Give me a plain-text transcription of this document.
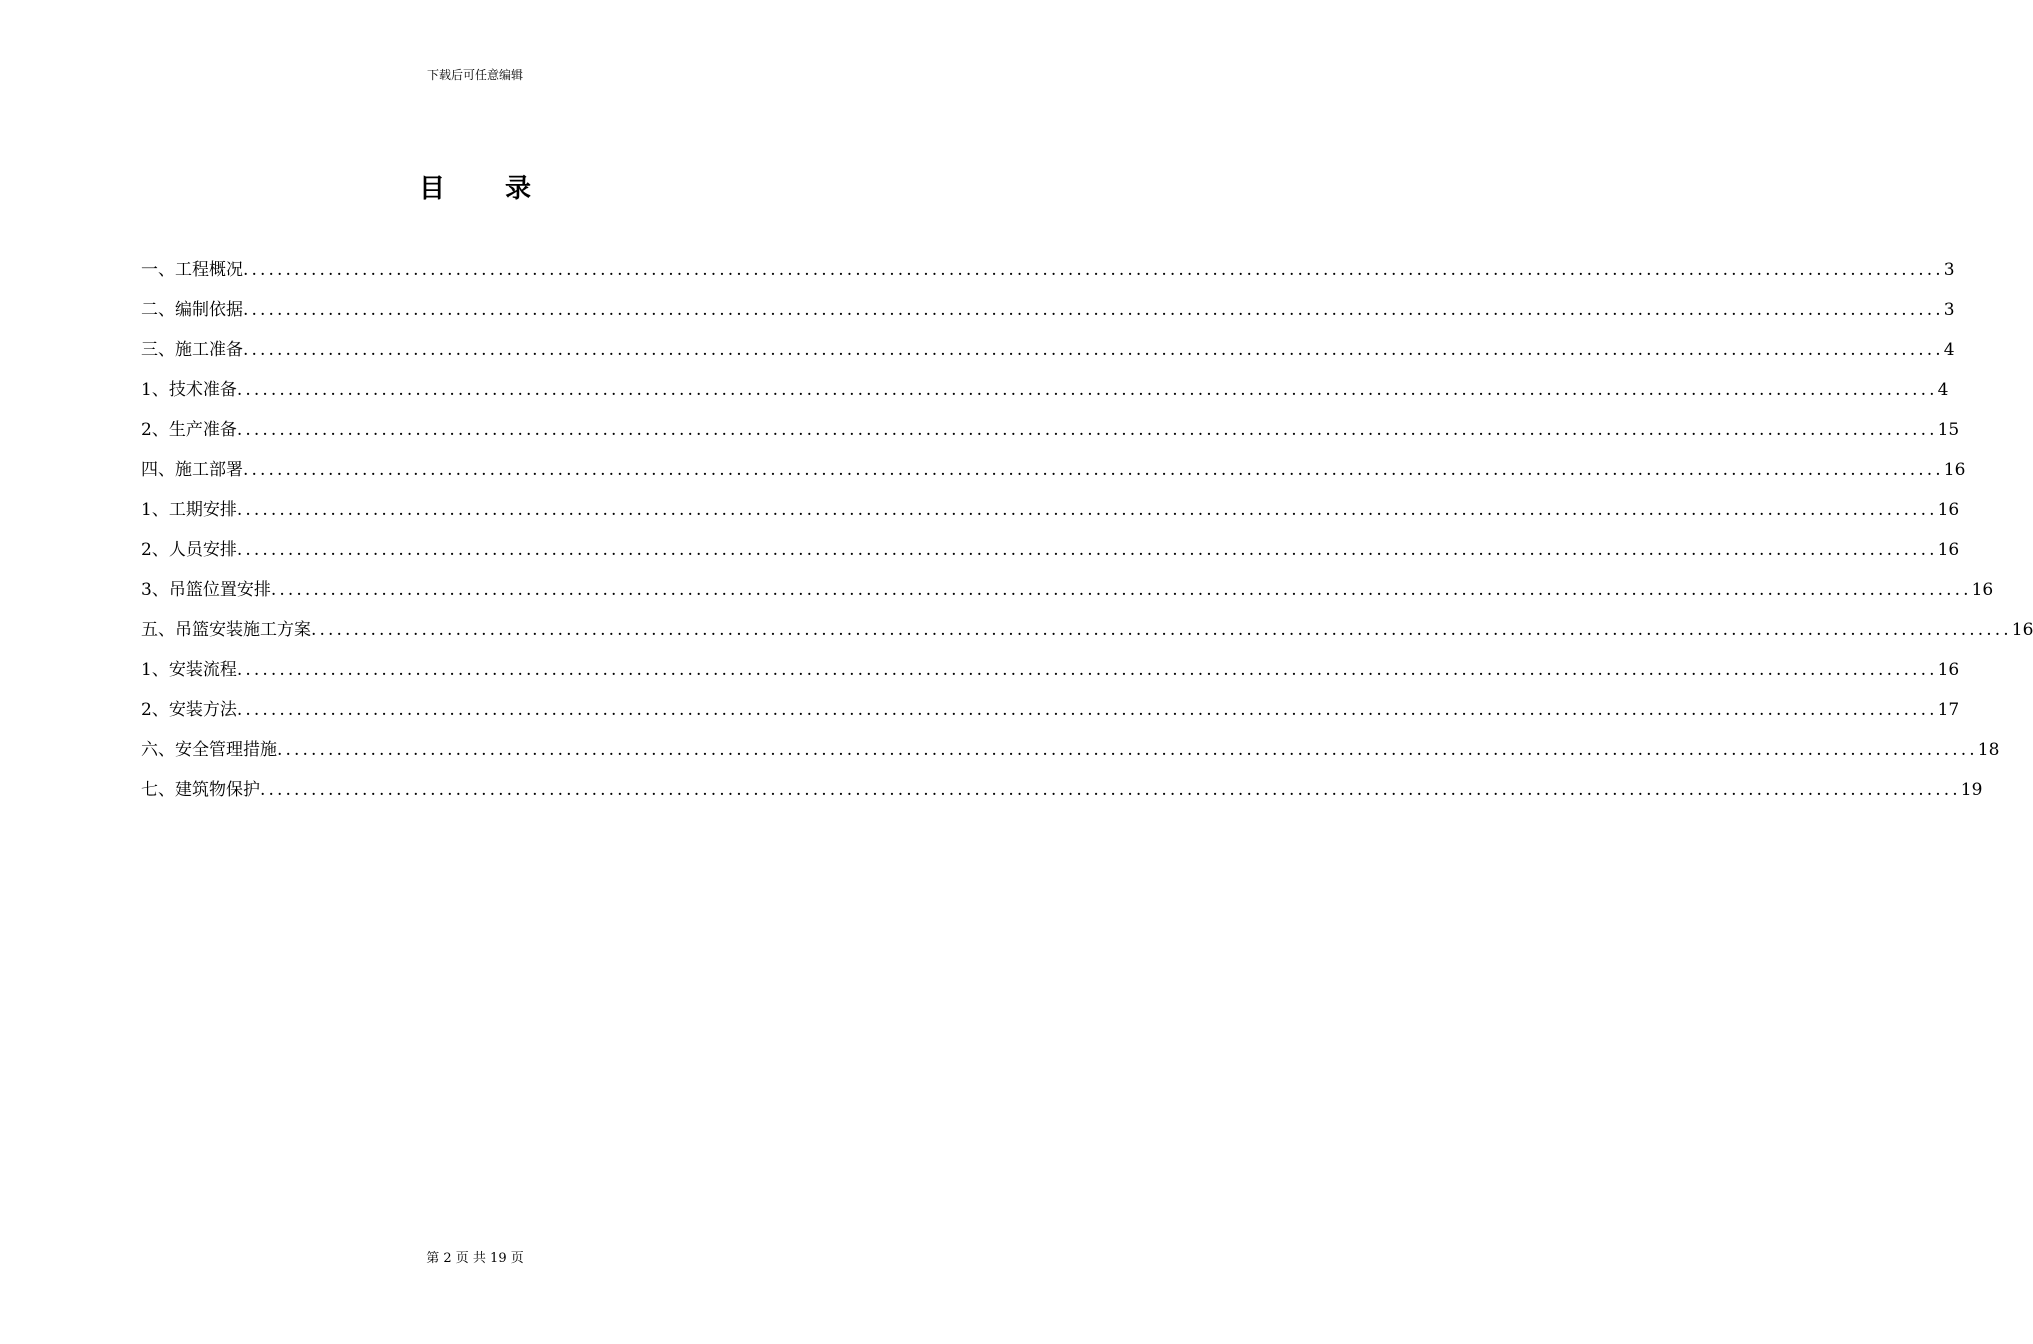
下载后可任意编辑
目 录
一、工程概况 ........................................................................................................................................................................................................ 3
二、编制依据 ........................................................................................................................................................................................................ 3
三、施工准备 ........................................................................................................................................................................................................ 4
1、技术准备 ........................................................................................................................................................................................................ 4
2、生产准备 ........................................................................................................................................................................................................ 15
四、施工部署 ........................................................................................................................................................................................................ 16
1、工期安排 ........................................................................................................................................................................................................ 16
2、人员安排 ........................................................................................................................................................................................................ 16
3、吊篮位置安排 ........................................................................................................................................................................................................ 16
五、吊篮安装施工方案 ........................................................................................................................................................................................................ 16
1、安装流程 ........................................................................................................................................................................................................ 16
2、安装方法 ........................................................................................................................................................................................................ 17
六、安全管理措施 ........................................................................................................................................................................................................ 18
七、建筑物保护 ........................................................................................................................................................................................................ 19
第 2 页 共 19 页
